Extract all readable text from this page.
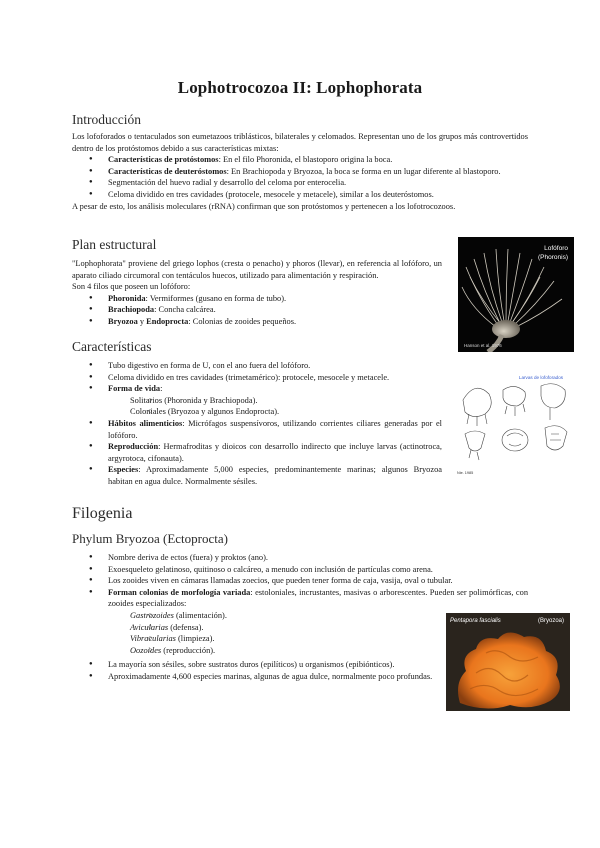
Lophotrocozoa II: Lophophorata
Introducción

Los lofoforados o tentaculados son eumetazoos triblásticos, bilaterales y celomados. Representan uno de los grupos más controvertidos dentro de los protóstomos debido a sus características mixtas:

● Características de protóstomos: En el filo Phoronida, el blastoporo origina la boca.
● Características de deuteróstomos: En Brachiopoda y Bryozoa, la boca se forma en un lugar diferente al blastoporo.
● Segmentación del huevo radial y desarrollo del celoma por enterocelia.
● Celoma dividido en tres cavidades (protocele, mesocele y metacele), similar a los deuteróstomos.

A pesar de esto, los análisis moleculares (rRNA) confirman que son protóstomos y pertenecen a los lofotrocozoos.

Plan estructural

"Lophophorata" proviene del griego lophos (cresta o penacho) y phoros (llevar), en referencia al lofóforo, un aparato ciliado circumoral con tentáculos huecos, utilizado para alimentación y respiración.

Son 4 filos que poseen un lofóforo:

● Phoronida: Vermiformes (gusano en forma de tubo).
● Brachiopoda: Concha calcárea.
● Bryozoa y Endoprocta: Colonias de zooides pequeños.
Lofóforo
(Phoronis)
Hanson et al. 1976
Características
● Tubo digestivo en forma de U, con el ano fuera del lofóforo.
● Celoma dividido en tres cavidades (trimetamérico): protocele, mesocele y metacele.
● Forma de vida:
○ Solitarios (Phoronida y Brachiopoda).
○ Coloniales (Bryozoa y algunos Endoprocta).
● Hábitos alimenticios: Micrófagos suspensívoros, utilizando corrientes ciliares generadas por el lofóforo.
● Reproducción: Hermafroditas y dioicos con desarrollo indirecto que incluye larvas (actinotroca, argyrotoca, cifonauta).
● Especies: Aproximadamente 5,000 especies, predominantemente marinas; algunos Bryozoa habitan en agua dulce. Normalmente sésiles.
Larvas de lofoforados
Nie. 1985
Filogenia
Phylum Bryozoa (Ectoprocta)
● Nombre deriva de ectos (fuera) y proktos (ano).
● Exoesqueleto gelatinoso, quitinoso o calcáreo, a menudo con inclusión de partículas como arena.
● Los zooides viven en cámaras llamadas zoecios, que pueden tener forma de caja, vasija, oval o tubular.
● Forman colonias de morfología variada: estoloniales, incrustantes, masivas o arborescentes. Pueden ser polimórficas, con zooides especializados:
○ Gastrozoides (alimentación).
○ Avicularias (defensa).
○ Vibracularias (limpieza).
○ Oozoides (reproducción).
● La mayoría son sésiles, sobre sustratos duros (epilíticos) u organismos (epibiónticos).
● Aproximadamente 4,600 especies marinas, algunas de agua dulce, normalmente poco profundas.
Pentapora fascialis	(Bryozoa)
